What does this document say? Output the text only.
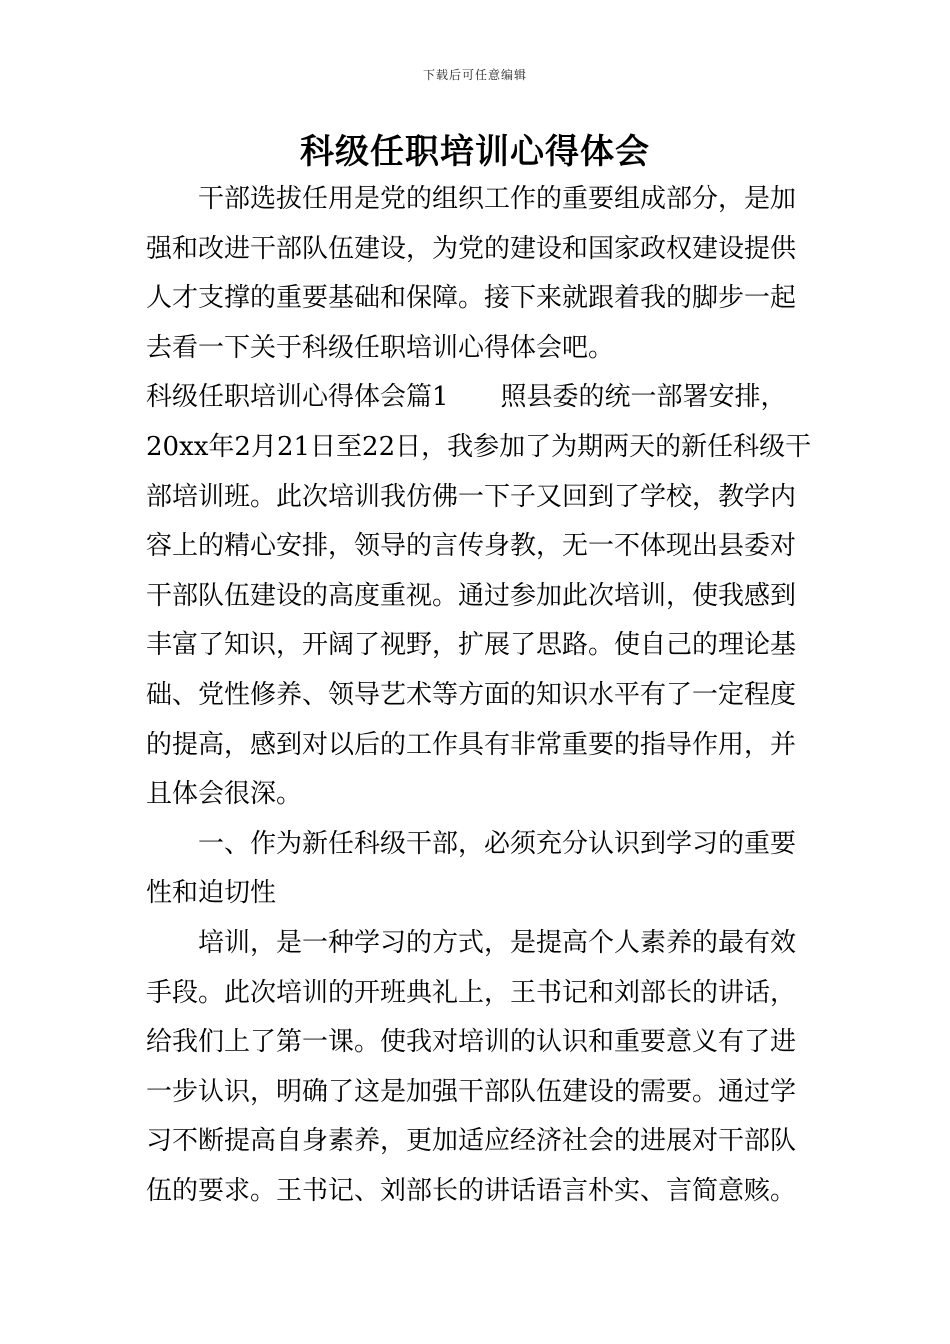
下载后可任意编辑
科级任职培训心得体会
干部选拔任用是党的组织工作的重要组成部分，是加
强和改进干部队伍建设，为党的建设和国家政权建设提供
人才支撑的重要基础和保障。接下来就跟着我的脚步一起
去看一下关于科级任职培训心得体会吧。
科级任职培训心得体会篇1　　照县委的统一部署安排，
20xx年2月21日至22日，我参加了为期两天的新任科级干
部培训班。此次培训我仿佛一下子又回到了学校，教学内
容上的精心安排，领导的言传身教，无一不体现出县委对
干部队伍建设的高度重视。通过参加此次培训，使我感到
丰富了知识，开阔了视野，扩展了思路。使自己的理论基
础、党性修养、领导艺术等方面的知识水平有了一定程度
的提高，感到对以后的工作具有非常重要的指导作用，并
且体会很深。
一、作为新任科级干部，必须充分认识到学习的重要
性和迫切性
培训，是一种学习的方式，是提高个人素养的最有效
手段。此次培训的开班典礼上，王书记和刘部长的讲话，
给我们上了第一课。使我对培训的认识和重要意义有了进
一步认识，明确了这是加强干部队伍建设的需要。通过学
习不断提高自身素养，更加适应经济社会的进展对干部队
伍的要求。王书记、刘部长的讲话语言朴实、言简意赅。
